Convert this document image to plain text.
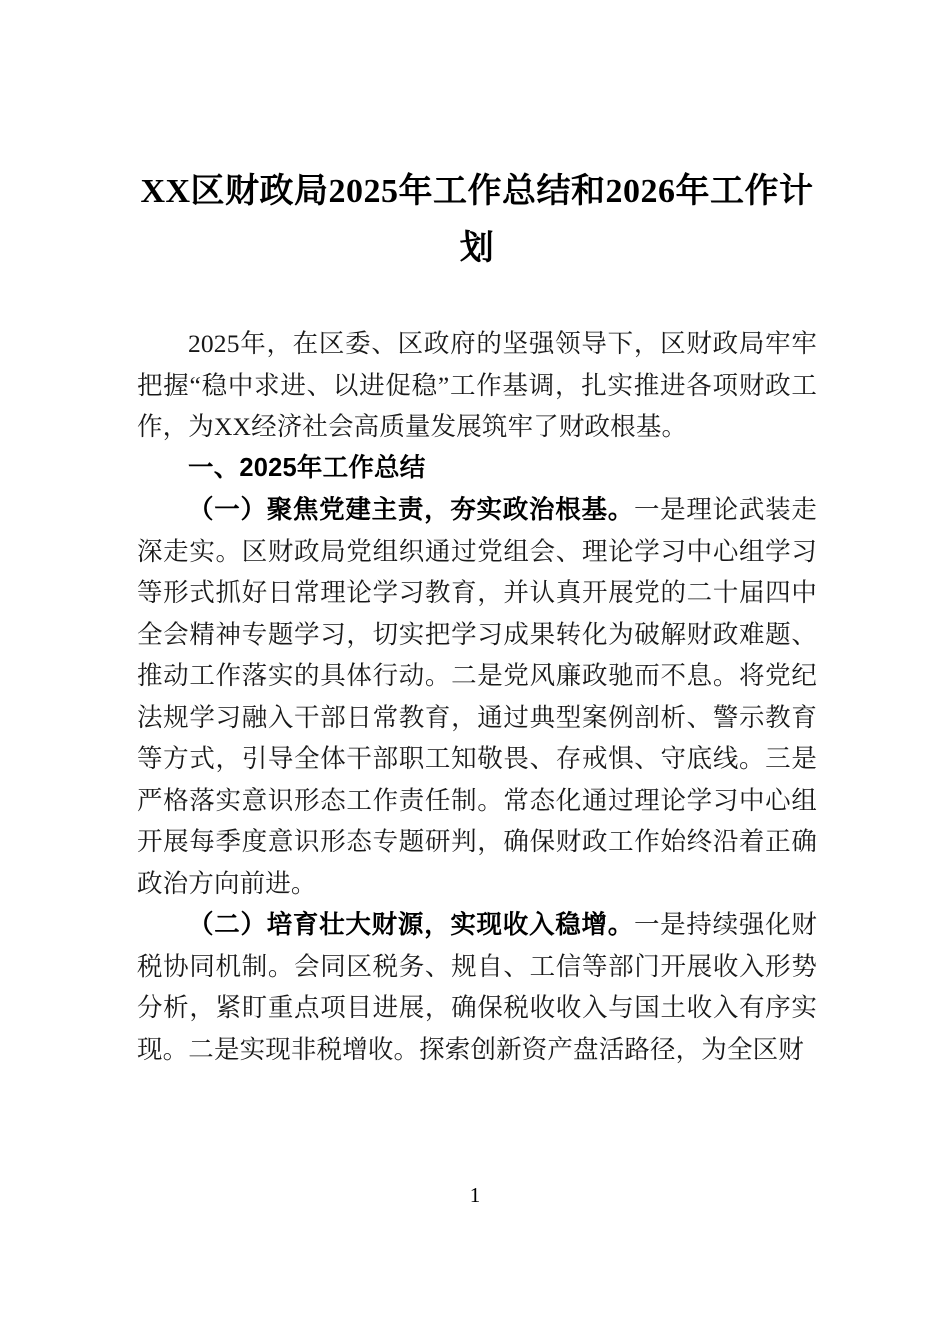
XX区财政局2025年工作总结和2026年工作计划

2025年，在区委、区政府的坚强领导下，区财政局牢牢把握“稳中求进、以进促稳”工作基调，扎实推进各项财政工作，为XX经济社会高质量发展筑牢了财政根基。

一、2025年工作总结

（一）聚焦党建主责，夯实政治根基。一是理论武装走深走实。区财政局党组织通过党组会、理论学习中心组学习等形式抓好日常理论学习教育，并认真开展党的二十届四中全会精神专题学习，切实把学习成果转化为破解财政难题、推动工作落实的具体行动。二是党风廉政驰而不息。将党纪法规学习融入干部日常教育，通过典型案例剖析、警示教育等方式，引导全体干部职工知敬畏、存戒惧、守底线。三是严格落实意识形态工作责任制。常态化通过理论学习中心组开展每季度意识形态专题研判，确保财政工作始终沿着正确政治方向前进。

（二）培育壮大财源，实现收入稳增。一是持续强化财税协同机制。会同区税务、规自、工信等部门开展收入形势分析，紧盯重点项目进展，确保税收收入与国土收入有序实现。二是实现非税增收。探索创新资产盘活路径，为全区财

1
